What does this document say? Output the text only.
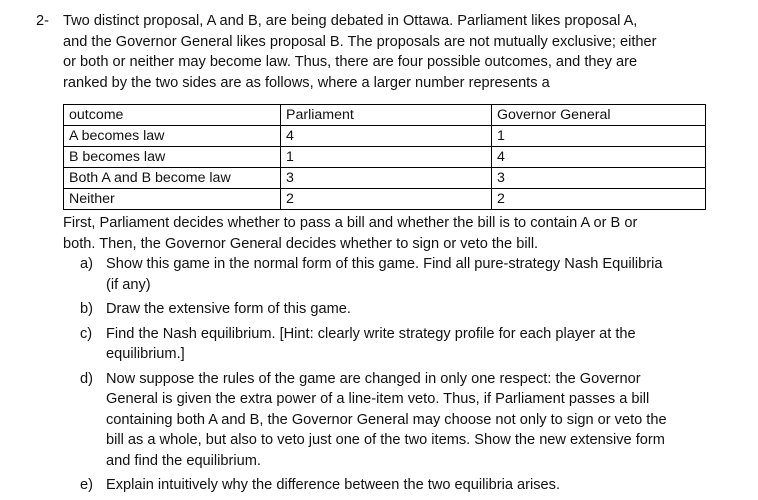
2- Two distinct proposal, A and B, are being debated in Ottawa. Parliament likes proposal A,
and the Governor General likes proposal B. The proposals are not mutually exclusive; either
or both or neither may become law. Thus, there are four possible outcomes, and they are
ranked by the two sides are as follows, where a larger number represents a
outcome	Parliament	Governor General
A becomes law	4	1
B becomes law	1	4
Both A and B become law	3	3
Neither	2	2
First, Parliament decides whether to pass a bill and whether the bill is to contain A or B or
both. Then, the Governor General decides whether to sign or veto the bill.
a) Show this game in the normal form of this game. Find all pure-strategy Nash Equilibria
(if any)
b) Draw the extensive form of this game.
c) Find the Nash equilibrium. [Hint: clearly write strategy profile for each player at the
equilibrium.]
d) Now suppose the rules of the game are changed in only one respect: the Governor
General is given the extra power of a line-item veto. Thus, if Parliament passes a bill
containing both A and B, the Governor General may choose not only to sign or veto the
bill as a whole, but also to veto just one of the two items. Show the new extensive form
and find the equilibrium.
e) Explain intuitively why the difference between the two equilibria arises.
